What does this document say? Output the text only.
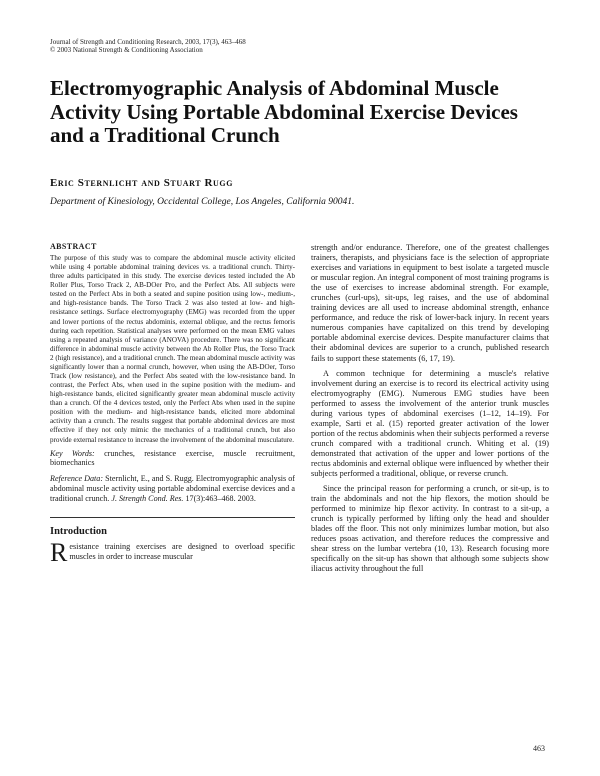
Journal of Strength and Conditioning Research, 2003, 17(3), 463–468
© 2003 National Strength & Conditioning Association
Electromyographic Analysis of Abdominal Muscle Activity Using Portable Abdominal Exercise Devices and a Traditional Crunch
Eric Sternlicht and Stuart Rugg
Department of Kinesiology, Occidental College, Los Angeles, California 90041.
ABSTRACT

The purpose of this study was to compare the abdominal muscle activity elicited while using 4 portable abdominal training devices vs. a traditional crunch. Thirty-three adults participated in this study. The exercise devices tested included the Ab Roller Plus, Torso Track 2, AB-DOer Pro, and the Perfect Abs. All subjects were tested on the Perfect Abs in both a seated and supine position using low-, medium-, and high-resistance bands. The Torso Track 2 was also tested at low- and high-resistance settings. Surface electromyography (EMG) was recorded from the upper and lower portions of the rectus abdominis, external oblique, and the rectus femoris during each repetition. Statistical analyses were performed on the mean EMG values using a repeated analysis of variance (ANOVA) procedure. There was no significant difference in abdominal muscle activity between the Ab Roller Plus, the Torso Track 2 (high resistance), and a traditional crunch. The mean abdominal muscle activity was significantly lower than a normal crunch, however, when using the AB-DOer, Torso Track (low resistance), and the Perfect Abs seated with the low-resistance band. In contrast, the Perfect Abs, when used in the supine position with the medium- and high-resistance bands, elicited significantly greater mean abdominal muscle activity than a crunch. Of the 4 devices tested, only the Perfect Abs when used in the supine position with the medium- and high-resistance bands, elicited more abdominal activity than a crunch. The results suggest that portable abdominal devices are most effective if they not only mimic the mechanics of a traditional crunch, but also provide external resistance to increase the involvement of the abdominal musculature.

Key Words: crunches, resistance exercise, muscle recruitment, biomechanics

Reference Data: Sternlicht, E., and S. Rugg. Electromyographic analysis of abdominal muscle activity using portable abdominal exercise devices and a traditional crunch. J. Strength Cond. Res. 17(3):463–468. 2003.

Introduction

Resistance training exercises are designed to overload specific muscles in order to increase muscular

strength and/or endurance. Therefore, one of the greatest challenges trainers, therapists, and physicians face is the selection of appropriate exercises and variations in equipment to best isolate a targeted muscle or muscular region. An integral component of most training programs is the use of exercises to increase abdominal strength. For example, crunches (curl-ups), sit-ups, leg raises, and the use of abdominal training devices are all used to increase abdominal strength, enhance performance, and reduce the risk of lower-back injury. In recent years numerous companies have capitalized on this trend by developing portable abdominal exercise devices. Despite manufacturer claims that their abdominal devices are superior to a crunch, published research fails to support these statements (6, 17, 19).

A common technique for determining a muscle's relative involvement during an exercise is to record its electrical activity using electromyography (EMG). Numerous EMG studies have been performed to assess the involvement of the anterior trunk muscles during various types of abdominal exercises (1–12, 14–19). For example, Sarti et al. (15) reported greater activation of the lower portion of the rectus abdominis when their subjects performed a reverse crunch compared with a traditional crunch. Whiting et al. (19) demonstrated that activation of the upper and lower portions of the rectus abdominis and external oblique were influenced by whether their subjects performed a traditional, oblique, or reverse crunch.

Since the principal reason for performing a crunch, or sit-up, is to train the abdominals and not the hip flexors, the motion should be performed to minimize hip flexor activity. In contrast to a sit-up, a crunch is typically performed by lifting only the head and shoulder blades off the floor. This not only minimizes lumbar motion, but also reduces psoas activation, and therefore reduces the compressive and shear stress on the lumbar vertebra (10, 13). Research focusing more specifically on the sit-up has shown that although some subjects show iliacus activity throughout the full

463
